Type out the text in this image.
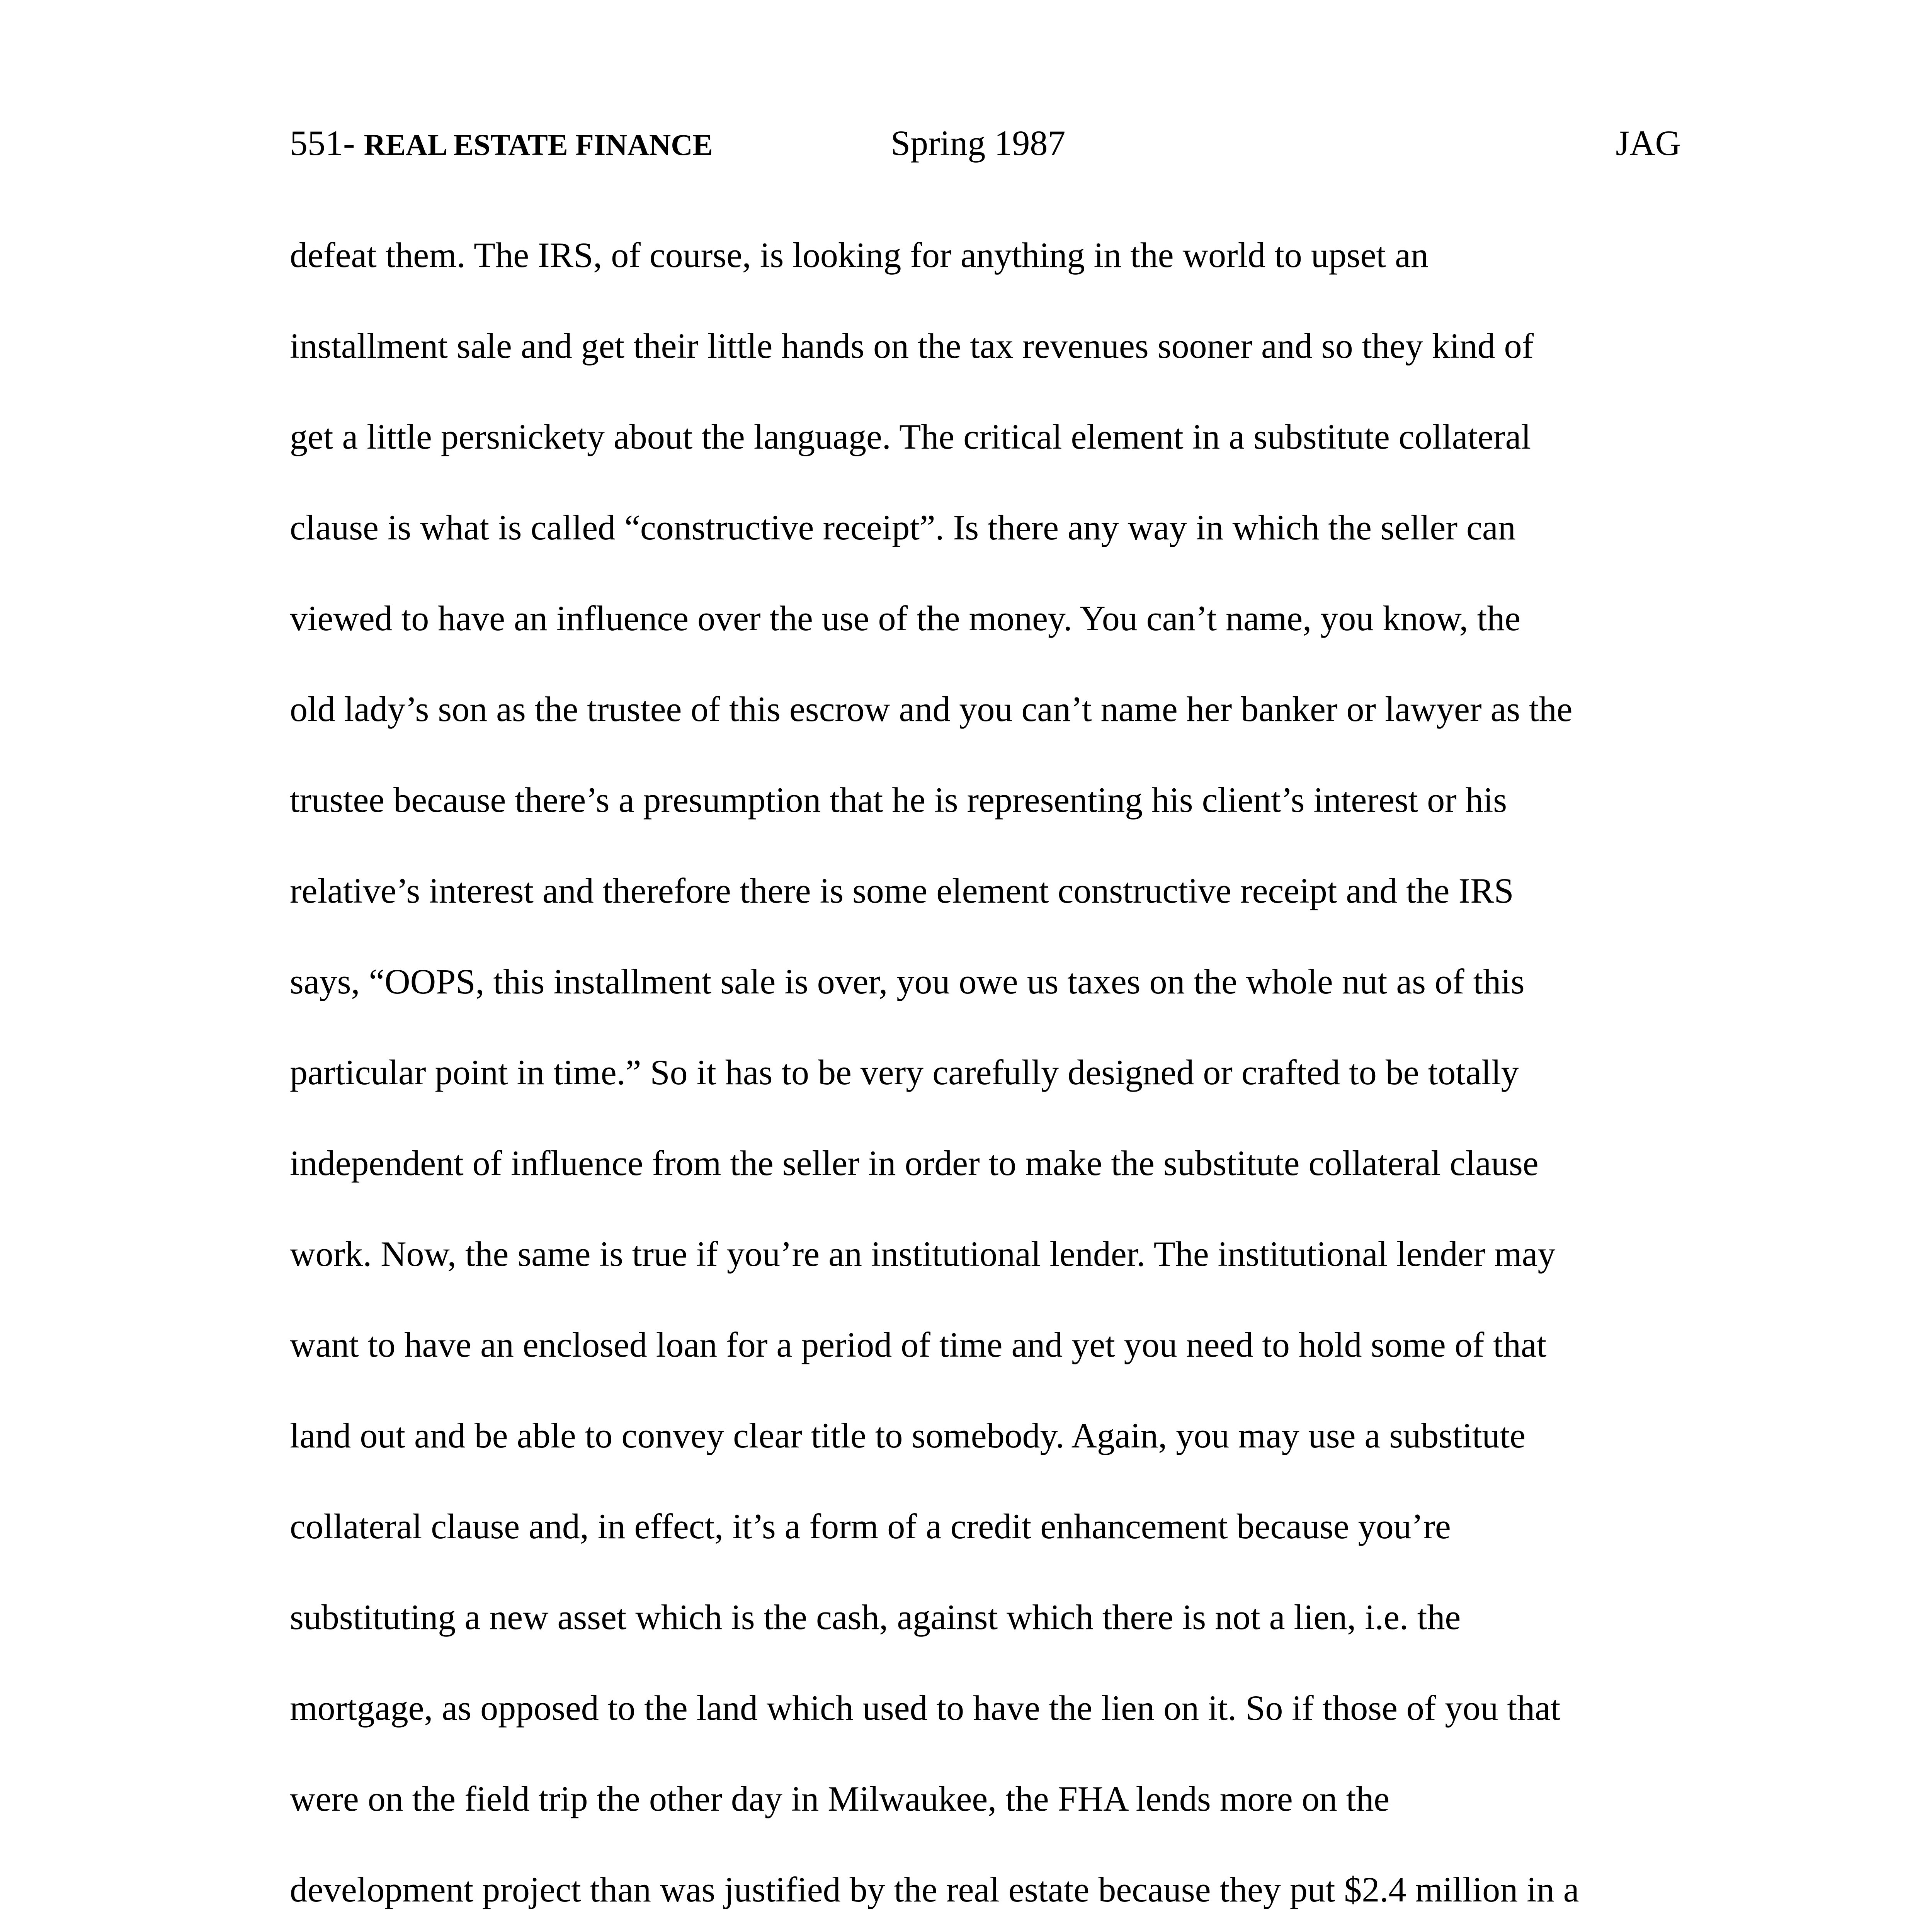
551- REAL ESTATE FINANCE	Spring 1987	JAG
defeat them. The IRS, of course, is looking for anything in the world to upset an
installment sale and get their little hands on the tax revenues sooner and so they kind of
get a little persnickety about the language. The critical element in a substitute collateral
clause is what is called “constructive receipt”. Is there any way in which the seller can
viewed to have an influence over the use of the money. You can’t name, you know, the
old lady’s son as the trustee of this escrow and you can’t name her banker or lawyer as the
trustee because there’s a presumption that he is representing his client’s interest or his
relative’s interest and therefore there is some element constructive receipt and the IRS
says, “OOPS, this installment sale is over, you owe us taxes on the whole nut as of this
particular point in time.” So it has to be very carefully designed or crafted to be totally
independent of influence from the seller in order to make the substitute collateral clause
work. Now, the same is true if you’re an institutional lender. The institutional lender may
want to have an enclosed loan for a period of time and yet you need to hold some of that
land out and be able to convey clear title to somebody. Again, you may use a substitute
collateral clause and, in effect, it’s a form of a credit enhancement because you’re
substituting a new asset which is the cash, against which there is not a lien, i.e. the
mortgage, as opposed to the land which used to have the lien on it. So if those of you that
were on the field trip the other day in Milwaukee, the FHA lends more on the
development project than was justified by the real estate because they put $2.4 million in a
